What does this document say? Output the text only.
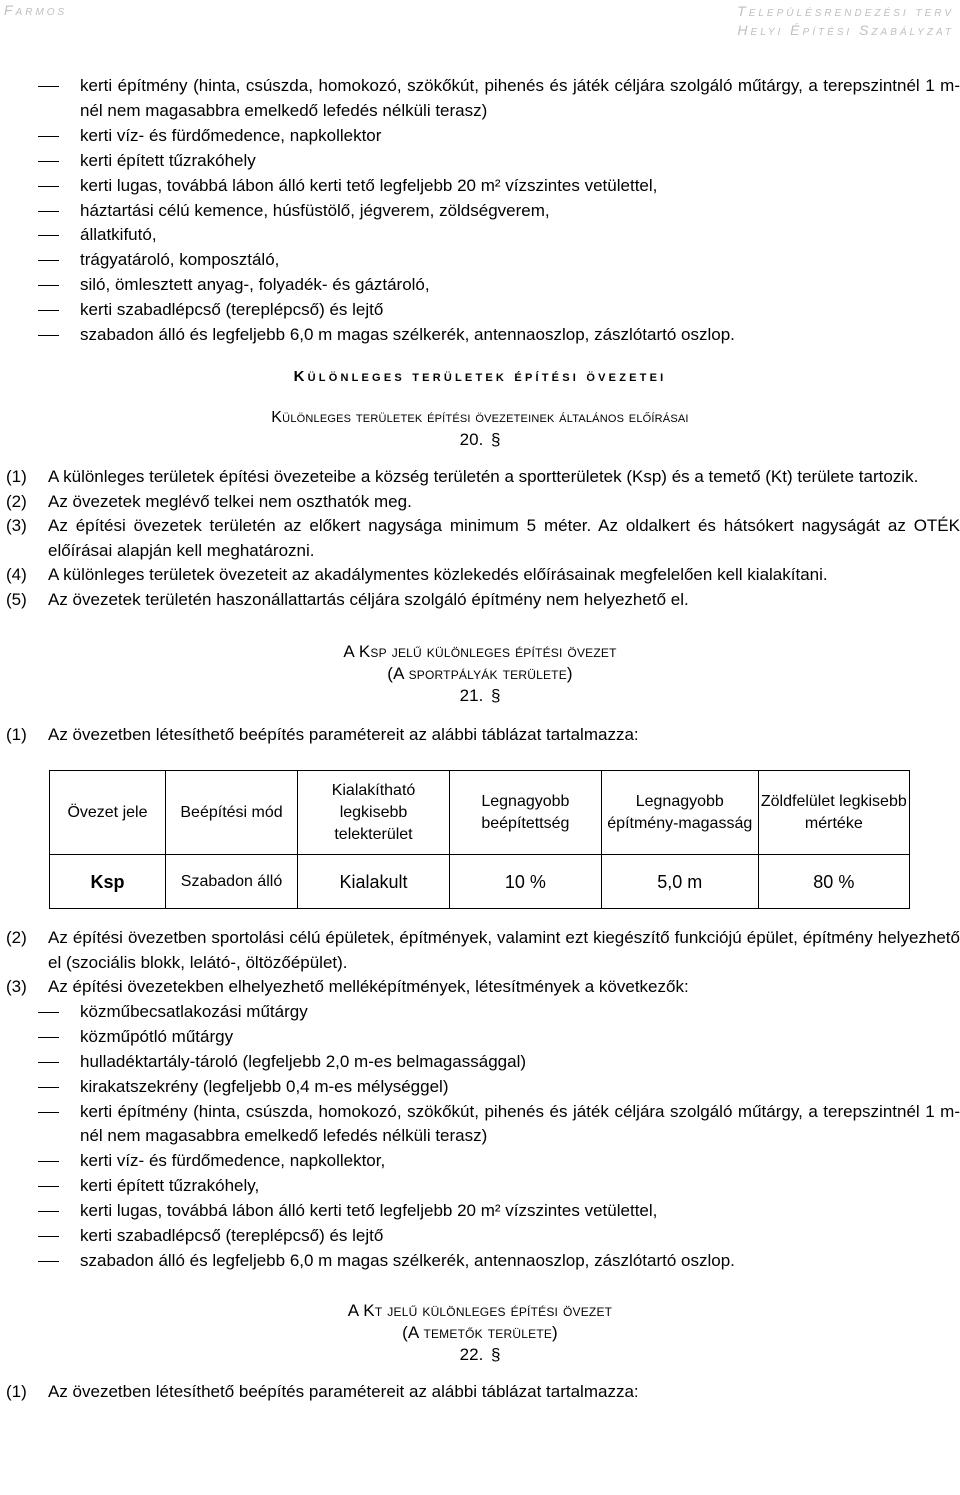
Farmos	Településrendezési terv
Helyi Építési Szabályzat
kerti építmény (hinta, csúszda, homokozó, szökőkút, pihenés és játék céljára szolgáló műtárgy, a terepszintnél 1 m-nél nem magasabbra emelkedő lefedés nélküli terasz)
kerti víz- és fürdőmedence, napkollektor
kerti épített tűzrakóhely
kerti lugas, továbbá lábon álló kerti tető legfeljebb 20 m² vízszintes vetülettel,
háztartási célú kemence, húsfüstölő, jégverem, zöldségverem,
állatkifutó,
trágyatároló, komposztáló,
siló, ömlesztett anyag-, folyadék- és gáztároló,
kerti szabadlépcső (tereplépcső) és lejtő
szabadon álló és legfeljebb 6,0 m magas szélkerék, antennaoszlop, zászlótartó oszlop.
Különleges területek építési övezetei
Különleges területek építési övezeteinek általános előírásai
20. §
(1) A különleges területek építési övezeteibe a község területén a sportterületek (Ksp) és a temető (Kt) területe tartozik.
(2) Az övezetek meglévő telkei nem oszthatók meg.
(3) Az építési övezetek területén az előkert nagysága minimum 5 méter. Az oldalkert és hátsókert nagyságát az OTÉK előírásai alapján kell meghatározni.
(4) A különleges területek övezeteit az akadálymentes közlekedés előírásainak megfelelően kell kialakítani.
(5) Az övezetek területén haszonállattartás céljára szolgáló építmény nem helyezhető el.
A Ksp jelű különleges építési övezet
(A sportpályák területe)
21. §
(1) Az övezetben létesíthető beépítés paramétereit az alábbi táblázat tartalmazza:
Övezet jele	Beépítési mód	Kialakítható legkisebb telekterület	Legnagyobb beépítettség	Legnagyobb építmény-magasság	Zöldfelület legkisebb mértéke
Ksp	Szabadon álló	Kialakult	10 %	5,0 m	80 %
(2) Az építési övezetben sportolási célú épületek, építmények, valamint ezt kiegészítő funkciójú épület, építmény helyezhető el (szociális blokk, lelátó-, öltözőépület).
(3) Az építési övezetekben elhelyezhető melléképítmények, létesítmények a következők:
közműbecsatlakozási műtárgy
közműpótló műtárgy
hulladéktartály-tároló (legfeljebb 2,0 m-es belmagassággal)
kirakatszekrény (legfeljebb 0,4 m-es mélységgel)
kerti építmény (hinta, csúszda, homokozó, szökőkút, pihenés és játék céljára szolgáló műtárgy, a terepszintnél 1 m-nél nem magasabbra emelkedő lefedés nélküli terasz)
kerti víz- és fürdőmedence, napkollektor,
kerti épített tűzrakóhely,
kerti lugas, továbbá lábon álló kerti tető legfeljebb 20 m² vízszintes vetülettel,
kerti szabadlépcső (tereplépcső) és lejtő
szabadon álló és legfeljebb 6,0 m magas szélkerék, antennaoszlop, zászlótartó oszlop.
A Kt jelű különleges építési övezet
(A temetők területe)
22. §
(1) Az övezetben létesíthető beépítés paramétereit az alábbi táblázat tartalmazza:
